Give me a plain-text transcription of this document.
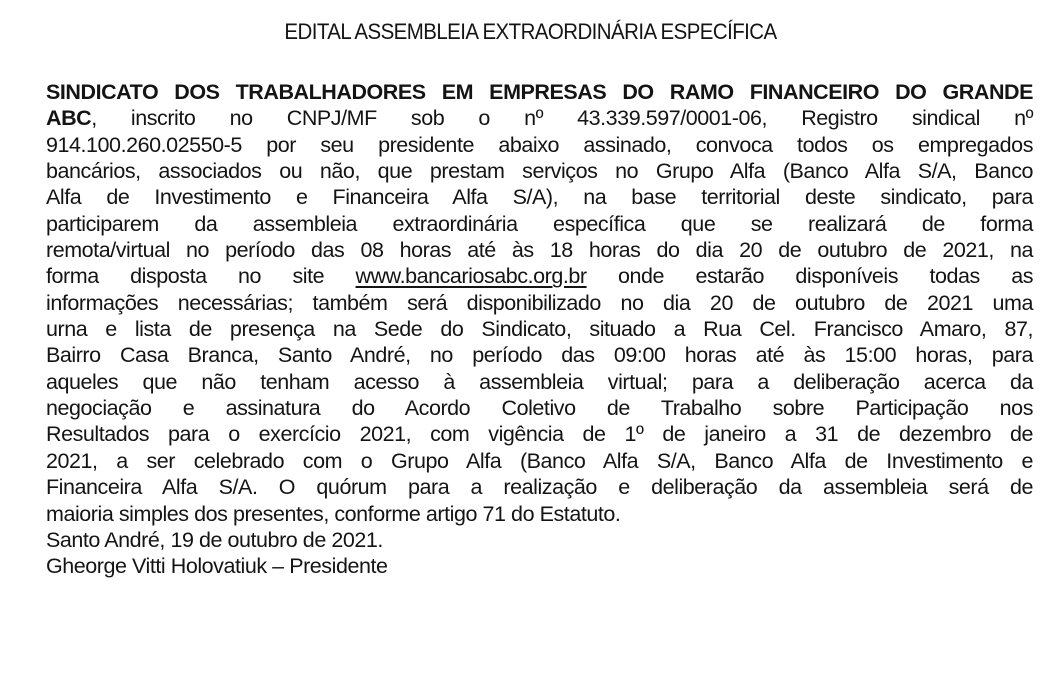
EDITAL ASSEMBLEIA EXTRAORDINÁRIA ESPECÍFICA
SINDICATO DOS TRABALHADORES EM EMPRESAS DO RAMO FINANCEIRO DO GRANDE
ABC, inscrito no CNPJ/MF sob o nº 43.339.597/0001-06, Registro sindical nº
914.100.260.02550-5 por seu presidente abaixo assinado, convoca todos os empregados
bancários, associados ou não, que prestam serviços no Grupo Alfa (Banco Alfa S/A, Banco
Alfa de Investimento e Financeira Alfa S/A), na base territorial deste sindicato, para
participarem da assembleia extraordinária específica que se realizará de forma
remota/virtual no período das 08 horas até às 18 horas do dia 20 de outubro de 2021, na
forma disposta no site www.bancariosabc.org.br onde estarão disponíveis todas as
informações necessárias; também será disponibilizado no dia 20 de outubro de 2021 uma
urna e lista de presença na Sede do Sindicato, situado a Rua Cel. Francisco Amaro, 87,
Bairro Casa Branca, Santo André, no período das 09:00 horas até às 15:00 horas, para
aqueles que não tenham acesso à assembleia virtual; para a deliberação acerca da
negociação e assinatura do Acordo Coletivo de Trabalho sobre Participação nos
Resultados para o exercício 2021, com vigência de 1º de janeiro a 31 de dezembro de
2021, a ser celebrado com o Grupo Alfa (Banco Alfa S/A, Banco Alfa de Investimento e
Financeira Alfa S/A. O quórum para a realização e deliberação da assembleia será de
maioria simples dos presentes, conforme artigo 71 do Estatuto.
Santo André, 19 de outubro de 2021.
Gheorge Vitti Holovatiuk – Presidente
